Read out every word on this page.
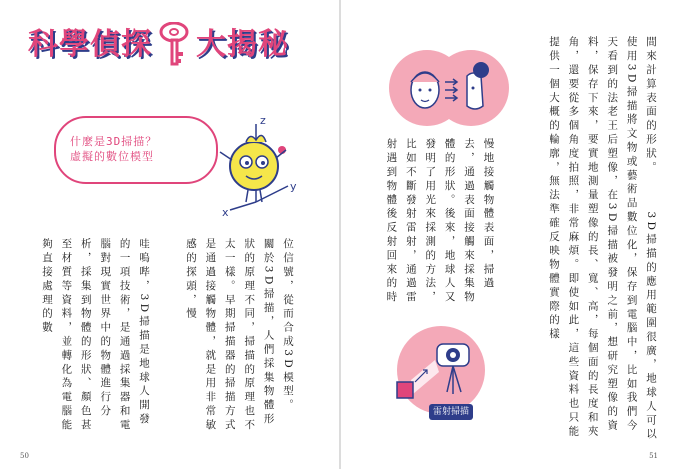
科學偵探 大揭秘
什麼是3D掃描？
虛擬的數位模型
z
y
x
哇嗚哔，3D掃描是地球人開發的一項技術，是通過採集器和電腦對現實世界中的物體進行分析，採集到物體的形狀、顏色甚至材質等資料，並轉化為電腦能夠直接處理的數	位信號，從而合成3D模型。　　關於3D掃描，人們採集物體形狀的原理不同，掃描的原理也不太一樣。早期掃描器的掃描方式是通過接觸物體，就是用非常敏感的探頭，慢
50
雷射掃描
慢地接觸物體表面，掃過去，通過表面接觸來採集物體的形狀。後來，地球人又發明了用光來採測的方法，比如不斷發射雷射，通過雷射遇到物體後反射回來的時	間來計算表面的形狀。　　　3D掃描的應用範圍很廣，地球人可以使用3D掃描將文物或藝術品數位化，保存到電腦中，比如我們今天看到的法老王后塑像，在3D掃描被發明之前，想研究塑像的資料，保存下來，要實地測量塑像的長、寬、高，每個面的長度和夾角，還要從多個角度拍照，非常麻煩。即使如此，這些資料也只能提供一個大概的輪廓，無法準確反映物體實際的樣
51
